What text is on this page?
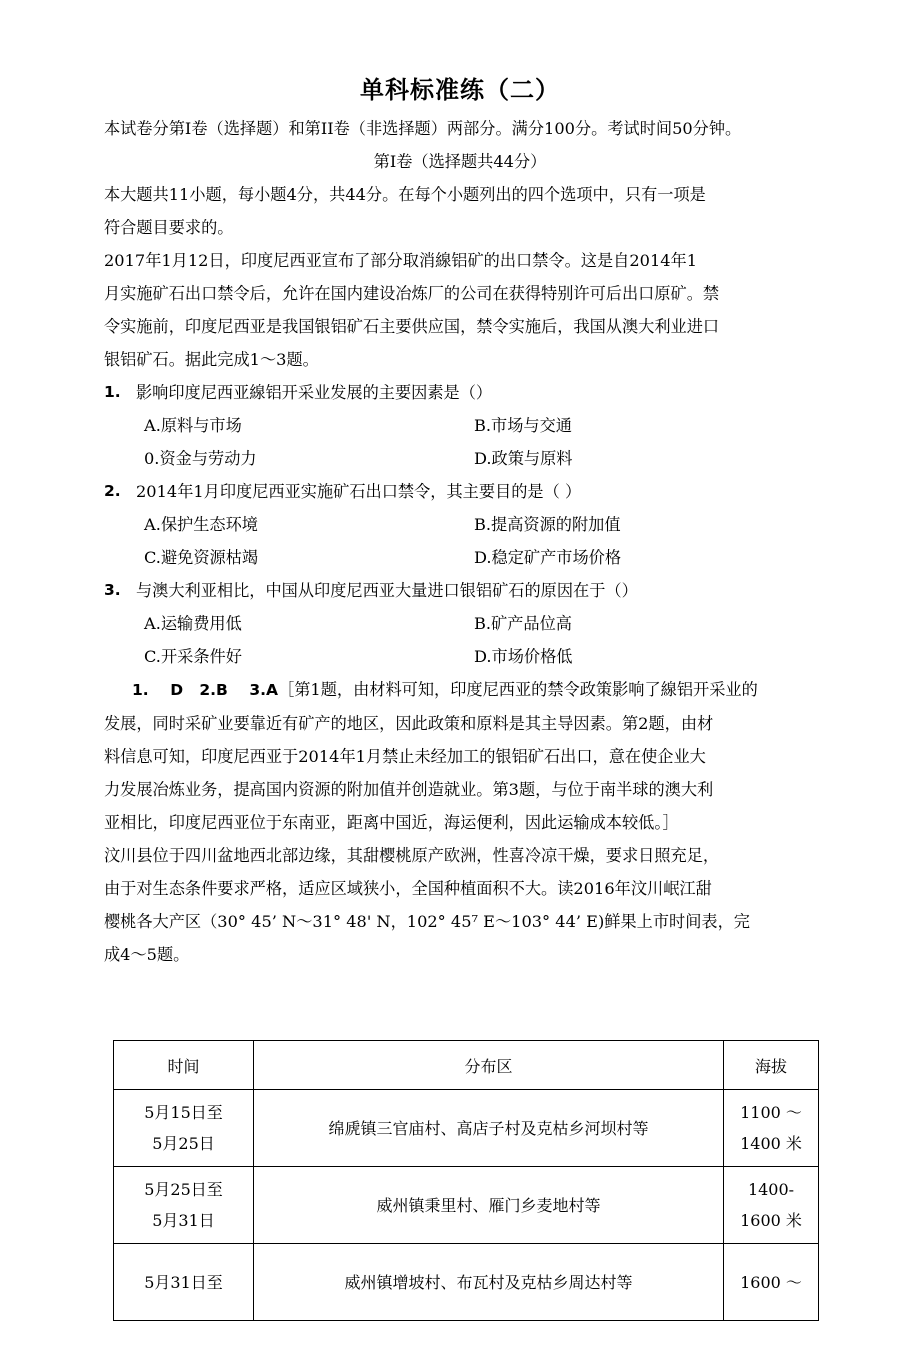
单科标准练（二）

本试卷分第I卷（选择题）和第II卷（非选择题）两部分。满分100分。考试时间50分钟。

第I卷（选择题共44分）

本大题共11小题，每小题4分，共44分。在每个小题列出的四个选项中，只有一项是

符合题目要求的。

2017年1月12日，印度尼西亚宣布了部分取消線铝矿的出口禁令。这是自2014年1

月实施矿石出口禁令后，允许在国内建设冶炼厂的公司在获得特别许可后出口原矿。禁

令实施前，印度尼西亚是我国银铝矿石主要供应国，禁令实施后，我国从澳大利业进口

银铝矿石。据此完成1～3题。

1. 影响印度尼西亚線铝开采业发展的主要因素是（）
A.原料与市场	B.市场与交通
0.资金与劳动力	D.政策与原料
2. 2014年1月印度尼西亚实施矿石出口禁令，其主要目的是（ ）
A.保护生态环境	B.提高资源的附加值
C.避免资源枯竭	D.稳定矿产市场价格
3. 与澳大利亚相比，中国从印度尼西亚大量进口银铝矿石的原因在于（）
A.运输费用低	B.矿产品位高
C.开采条件好	D.市场价格低
1.    D   2.B    3.A［第1题，由材料可知，印度尼西亚的禁令政策影响了線铝开采业的

发展，同时采矿业要靠近有矿产的地区，因此政策和原料是其主导因素。第2题，由材

料信息可知，印度尼西亚于2014年1月禁止未经加工的银铝矿石出口，意在使企业大

力发展冶炼业务，提高国内资源的附加值并创造就业。第3题，与位于南半球的澳大利

亚相比，印度尼西亚位于东南亚，距离中国近，海运便利，因此运输成本较低。］

汶川县位于四川盆地西北部边缘，其甜樱桃原产欧洲，性喜冷凉干燥，要求日照充足，

由于对生态条件要求严格，适应区域狭小，全国种植面积不大。读2016年汶川岷江甜

樱桃各大产区（30° 45’ N～31° 48' N，102° 45⁷ E～103° 44’ E)鲜果上市时间表，完

成4～5题。

时间	分布区	海拔

5月15日至
5月25日	绵虒镇三官庙村、高店子村及克枯乡河坝村等	1100 ～
1400 米

5月25日至
5月31日	威州镇秉里村、雁门乡麦地村等	1400-
1600 米

5月31日至	威州镇增坡村、布瓦村及克枯乡周达村等	1600 ～
